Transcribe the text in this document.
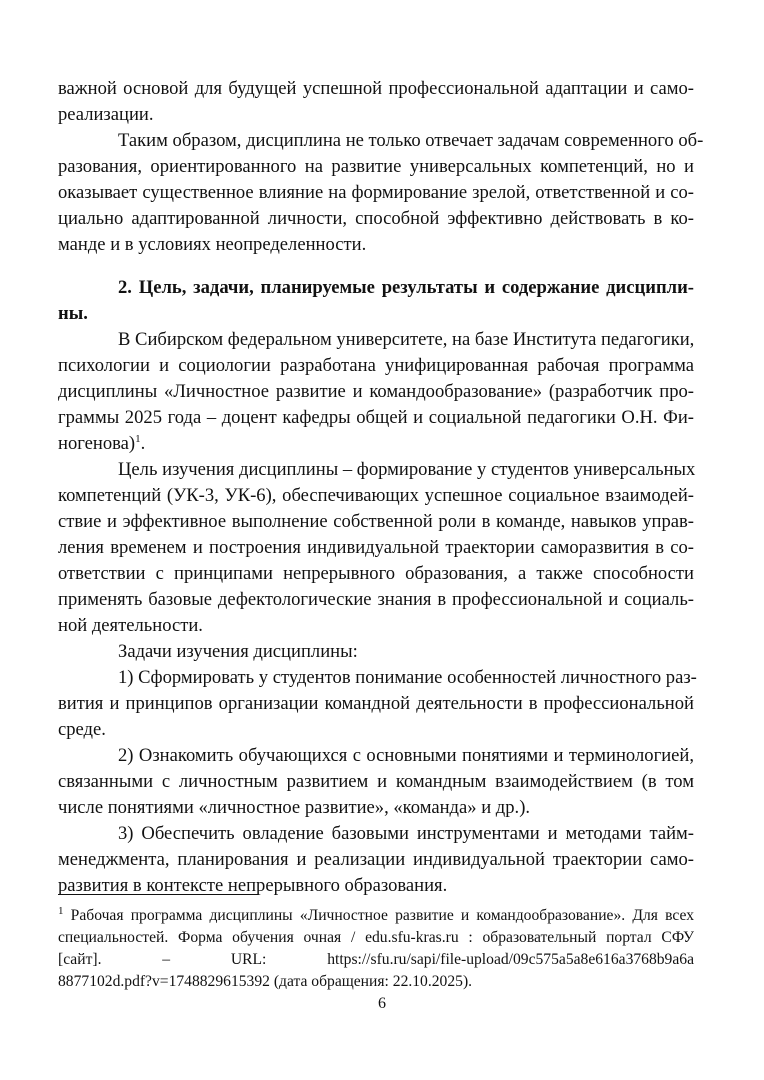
важной основой для будущей успешной профессиональной адаптации и само-
реализации.
Таким образом, дисциплина не только отвечает задачам современного об-
разования, ориентированного на развитие универсальных компетенций, но и
оказывает существенное влияние на формирование зрелой, ответственной и со-
циально адаптированной личности, способной эффективно действовать в ко-
манде и в условиях неопределенности.
2. Цель, задачи, планируемые результаты и содержание дисципли-
ны.
В Сибирском федеральном университете, на базе Института педагогики,
психологии и социологии разработана унифицированная рабочая программа
дисциплины «Личностное развитие и командообразование» (разработчик про-
граммы 2025 года – доцент кафедры общей и социальной педагогики О.Н. Фи-
ногенова)$^1$.
Цель изучения дисциплины – формирование у студентов универсальных
компетенций (УК-3, УК-6), обеспечивающих успешное социальное взаимодей-
ствие и эффективное выполнение собственной роли в команде, навыков управ-
ления временем и построения индивидуальной траектории саморазвития в со-
ответствии с принципами непрерывного образования, а также способности
применять базовые дефектологические знания в профессиональной и социаль-
ной деятельности.
Задачи изучения дисциплины:
1) Сформировать у студентов понимание особенностей личностного раз-
вития и принципов организации командной деятельности в профессиональной
среде.
2) Ознакомить обучающихся с основными понятиями и терминологией,
связанными с личностным развитием и командным взаимодействием (в том
числе понятиями «личностное развитие», «команда» и др.).
3) Обеспечить овладение базовыми инструментами и методами тайм-
менеджмента, планирования и реализации индивидуальной траектории само-
развития в контексте непрерывного образования.
$^1$ Рабочая программа дисциплины «Личностное развитие и командообразование». Для всех
специальностей. Форма обучения очная / edu.sfu-kras.ru : образовательный портал СФУ
[сайт]. – URL: https://sfu.ru/sapi/file-upload/09c575a5a8e616a3768b9a6a
8877102d.pdf?v=1748829615392 (дата обращения: 22.10.2025).
6
